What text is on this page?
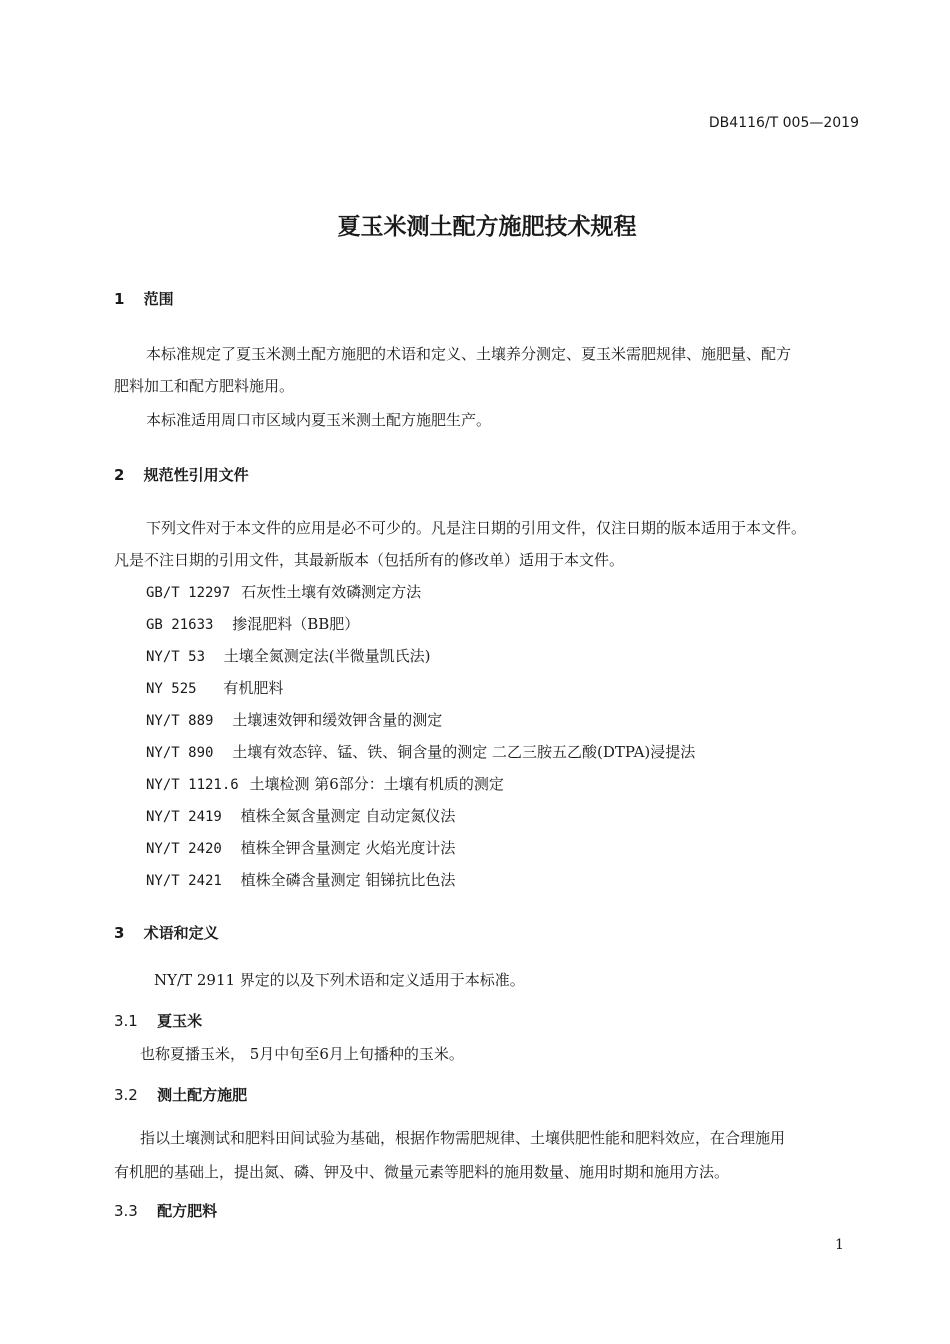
DB4116/T 005—2019
夏玉米测土配方施肥技术规程
1 范围
本标准规定了夏玉米测土配方施肥的术语和定义、土壤养分测定、夏玉米需肥规律、施肥量、配方
肥料加工和配方肥料施用。
本标准适用周口市区域内夏玉米测土配方施肥生产。
2 规范性引用文件
下列文件对于本文件的应用是必不可少的。凡是注日期的引用文件，仅注日期的版本适用于本文件。
凡是不注日期的引用文件，其最新版本（包括所有的修改单）适用于本文件。
GB/T 12297 石灰性土壤有效磷测定方法
GB 21633 掺混肥料（BB肥）
NY/T 53 土壤全氮测定法(半微量凯氏法)
NY 525 有机肥料
NY/T 889 土壤速效钾和缓效钾含量的测定
NY/T 890 土壤有效态锌、锰、铁、铜含量的测定 二乙三胺五乙酸(DTPA)浸提法
NY/T 1121.6 土壤检测 第6部分：土壤有机质的测定
NY/T 2419 植株全氮含量测定 自动定氮仪法
NY/T 2420 植株全钾含量测定 火焰光度计法
NY/T 2421 植株全磷含量测定 钼锑抗比色法
3 术语和定义
NY/T 2911 界定的以及下列术语和定义适用于本标准。
3.1 夏玉米
也称夏播玉米， 5月中旬至6月上旬播种的玉米。
3.2 测土配方施肥
指以土壤测试和肥料田间试验为基础，根据作物需肥规律、土壤供肥性能和肥料效应，在合理施用
有机肥的基础上，提出氮、磷、钾及中、微量元素等肥料的施用数量、施用时期和施用方法。
3.3 配方肥料
1
